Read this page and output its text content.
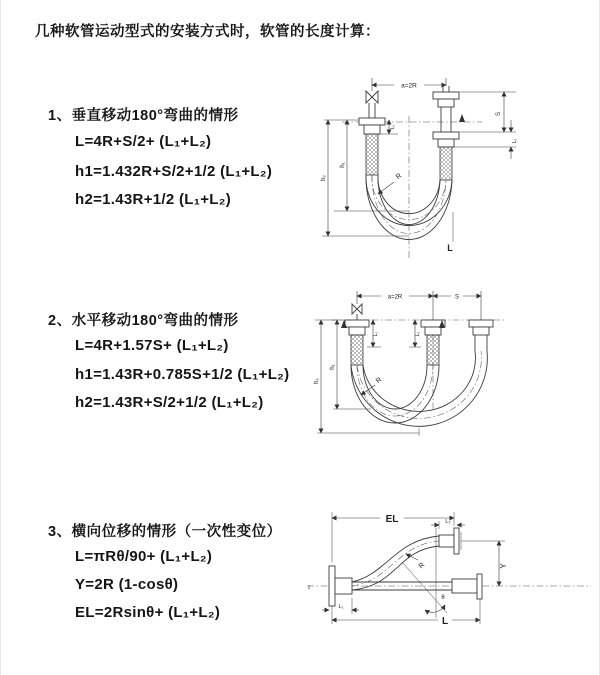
几种软管运动型式的安装方式时，软管的长度计算：
1、垂直移动180°弯曲的情形
L=4R+S/2+ (L₁+L₂)
h1=1.432R+S/2+1/2 (L₁+L₂)
h2=1.43R+1/2 (L₁+L₂)
2、水平移动180°弯曲的情形
L=4R+1.57S+ (L₁+L₂)
h1=1.43R+0.785S+1/2 (L₁+L₂)
h2=1.43R+S/2+1/2 (L₁+L₂)
3、横向位移的情形（一次性变位）
L=πRθ/90+ (L₁+L₂)
Y=2R (1-cosθ)
EL=2Rsinθ+ (L₁+L₂)
a=2R
h₁
h₂
L₁
S
L₂
R
L
a=2R	S
h₁
h₂
L₁	L₂
R
z
EL	L₂
Y
θ
R
L
L₁
